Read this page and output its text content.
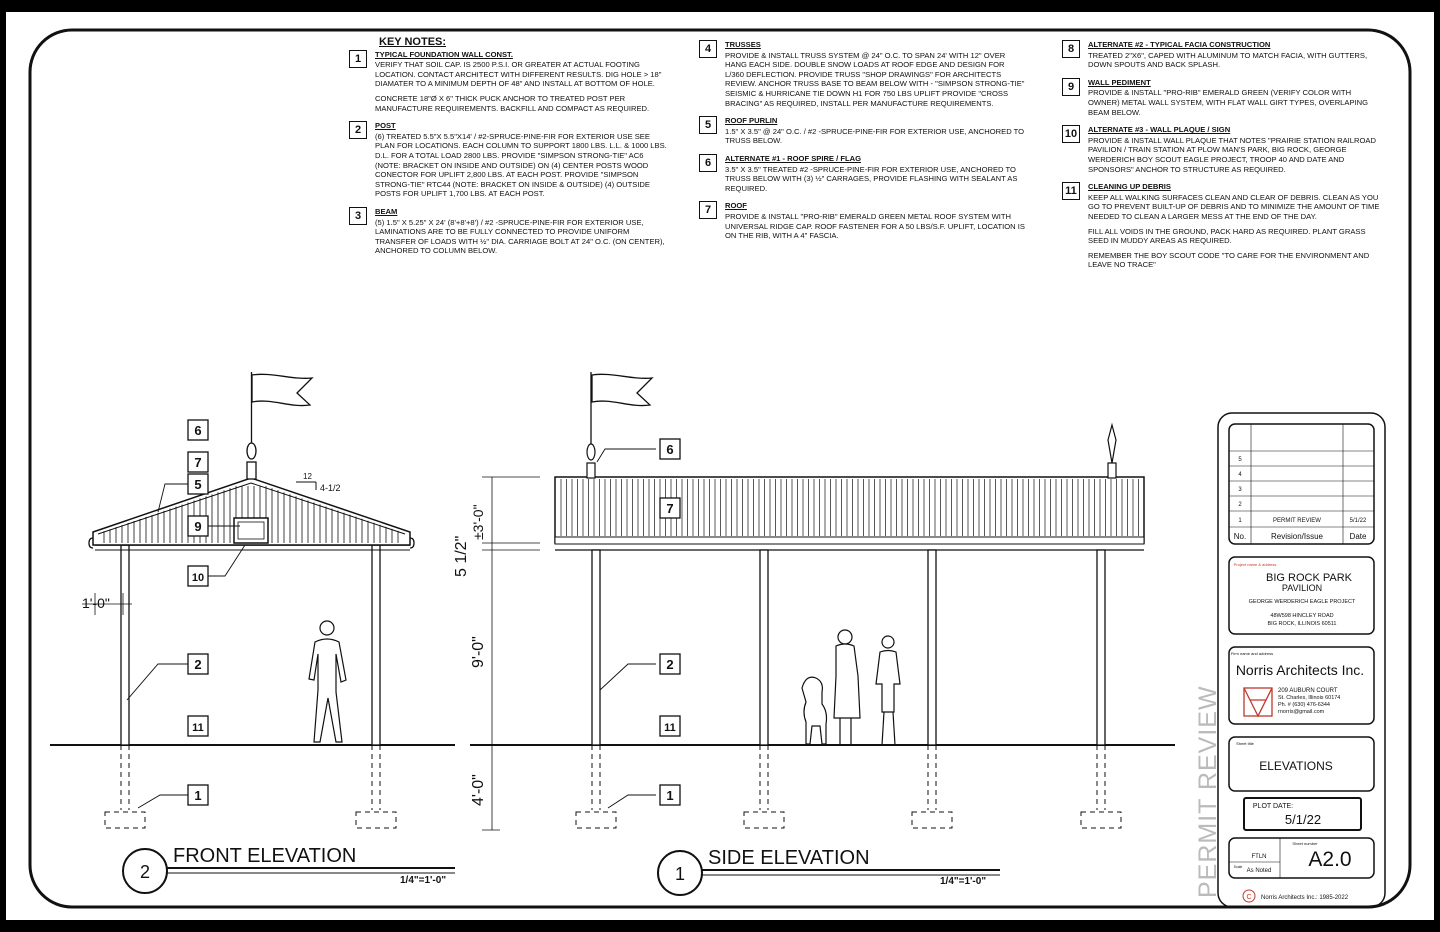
6
7
5
9
10
2
11
1
6
7
2
11
1
12
4-1/2
1'-0"
±3'-0"
5 1/2"
9'-0"
4'-0"
2
FRONT ELEVATION
1/4"=1'-0"	1
SIDE ELEVATION
1/4"=1'-0"
5
4
3
2
1	PERMIT REVIEW	5/1/22
No.	Revision/Issue	Date
Project name & address
BIG ROCK PARK
PAVILION
GEORGE WERDERICH EAGLE PROJECT
48W598 HINCLEY ROAD
BIG ROCK, ILLINOIS 60511
Firm name and address
Norris Architects Inc.
Sheet title
ELEVATIONS
PLOT DATE:
5/1/22
Sheet number
A2.0
FTLN
Scale
As Noted
C
209 AUBURN COURT
St. Charles, Illinois 60174
Ph. # (630) 476-6344
rnorris@gmail.com
Norris Architects Inc.: 1985-2022
PERMIT REVIEW
KEY NOTES:
1	TYPICAL FOUNDATION WALL CONST.

VERIFY THAT SOIL CAP. IS 2500 P.S.I. OR GREATER AT ACTUAL FOOTING LOCATION. CONTACT ARCHITECT WITH DIFFERENT RESULTS. DIG HOLE > 18" DIAMATER TO A MINIMUM DEPTH OF 48" AND INSTALL AT BOTTOM OF HOLE.

CONCRETE 18"Ø X 6" THICK PUCK ANCHOR TO TREATED POST PER MANUFACTURE REQUIREMENTS. BACKFILL AND COMPACT AS REQUIRED.

2	POST

(6) TREATED 5.5"X 5.5"X14' / #2-SPRUCE-PINE-FIR FOR EXTERIOR USE SEE PLAN FOR LOCATIONS. EACH COLUMN TO SUPPORT 1800 LBS. L.L. & 1000 LBS. D.L. FOR A TOTAL LOAD 2800 LBS. PROVIDE "SIMPSON STRONG-TIE" AC6 (NOTE: BRACKET ON INSIDE AND OUTSIDE) ON (4) CENTER POSTS WOOD CONECTOR FOR UPLIFT 2,800 LBS. AT EACH POST. PROVIDE "SIMPSON STRONG-TIE" RTC44 (NOTE: BRACKET ON INSIDE & OUTSIDE) (4) OUTSIDE POSTS FOR UPLIFT 1,700 LBS. AT EACH POST.

3	BEAM

(5) 1.5" X 5.25" X 24' (8'+8'+8') / #2 -SPRUCE-PINE-FIR FOR EXTERIOR USE, LAMINATIONS ARE TO BE FULLY CONNECTED TO PROVIDE UNIFORM TRANSFER OF LOADS WITH ½" DIA. CARRIAGE BOLT AT 24" O.C. (ON CENTER), ANCHORED TO COLUMN BELOW.

4	TRUSSES

PROVIDE & INSTALL TRUSS SYSTEM @ 24" O.C. TO SPAN 24' WITH 12" OVER HANG EACH SIDE. DOUBLE SNOW LOADS AT ROOF EDGE AND DESIGN FOR L/360 DEFLECTION. PROVIDE TRUSS "SHOP DRAWINGS" FOR ARCHITECTS REVIEW. ANCHOR TRUSS BASE TO BEAM BELOW WITH - "SIMPSON STRONG-TIE" SEISMIC & HURRICANE TIE DOWN H1 FOR 750 LBS UPLIFT PROVIDE "CROSS BRACING" AS REQUIRED, INSTALL PER MANUFACTURE REQUIREMENTS.

5	ROOF PURLIN

1.5" X 3.5" @ 24" O.C. / #2 -SPRUCE-PINE-FIR FOR EXTERIOR USE, ANCHORED TO TRUSS BELOW.

6	ALTERNATE #1 - ROOF SPIRE / FLAG

3.5" X 3.5" TREATED #2 -SPRUCE-PINE-FIR FOR EXTERIOR USE, ANCHORED TO TRUSS BELOW WITH (3) ½" CARRAGES, PROVIDE FLASHING WITH SEALANT AS REQUIRED.

7	ROOF

PROVIDE & INSTALL "PRO-RIB" EMERALD GREEN METAL ROOF SYSTEM WITH UNIVERSAL RIDGE CAP. ROOF FASTENER FOR A 50 LBS/S.F. UPLIFT, LOCATION IS ON THE RIB, WITH A 4" FASCIA.

8	ALTERNATE #2 - TYPICAL FACIA CONSTRUCTION

TREATED 2"X6", CAPED WITH ALUMINUM TO MATCH FACIA, WITH GUTTERS, DOWN SPOUTS AND BACK SPLASH.

9	WALL PEDIMENT

PROVIDE & INSTALL "PRO-RIB" EMERALD GREEN (VERIFY COLOR WITH OWNER) METAL WALL SYSTEM, WITH FLAT WALL GIRT TYPES, OVERLAPING BEAM BELOW.

10	ALTERNATE #3 - WALL PLAQUE / SIGN

PROVIDE & INSTALL WALL PLAQUE THAT NOTES "PRAIRIE STATION RAILROAD PAVILION / TRAIN STATION AT PLOW MAN'S PARK, BIG ROCK, GEORGE WERDERICH BOY SCOUT EAGLE PROJECT, TROOP 40 AND DATE AND SPONSORS" ANCHOR TO STRUCTURE AS REQUIRED.

11	CLEANING UP DEBRIS

KEEP ALL WALKING SURFACES CLEAN AND CLEAR OF DEBRIS. CLEAN AS YOU GO TO PREVENT BUILT-UP OF DEBRIS AND TO MINIMIZE THE AMOUNT OF TIME NEEDED TO CLEAN A LARGER MESS AT THE END OF THE DAY.

FILL ALL VOIDS IN THE GROUND, PACK HARD AS REQUIRED. PLANT GRASS SEED IN MUDDY AREAS AS REQUIRED.

REMEMBER THE BOY SCOUT CODE "TO CARE FOR THE ENVIRONMENT AND LEAVE NO TRACE"
